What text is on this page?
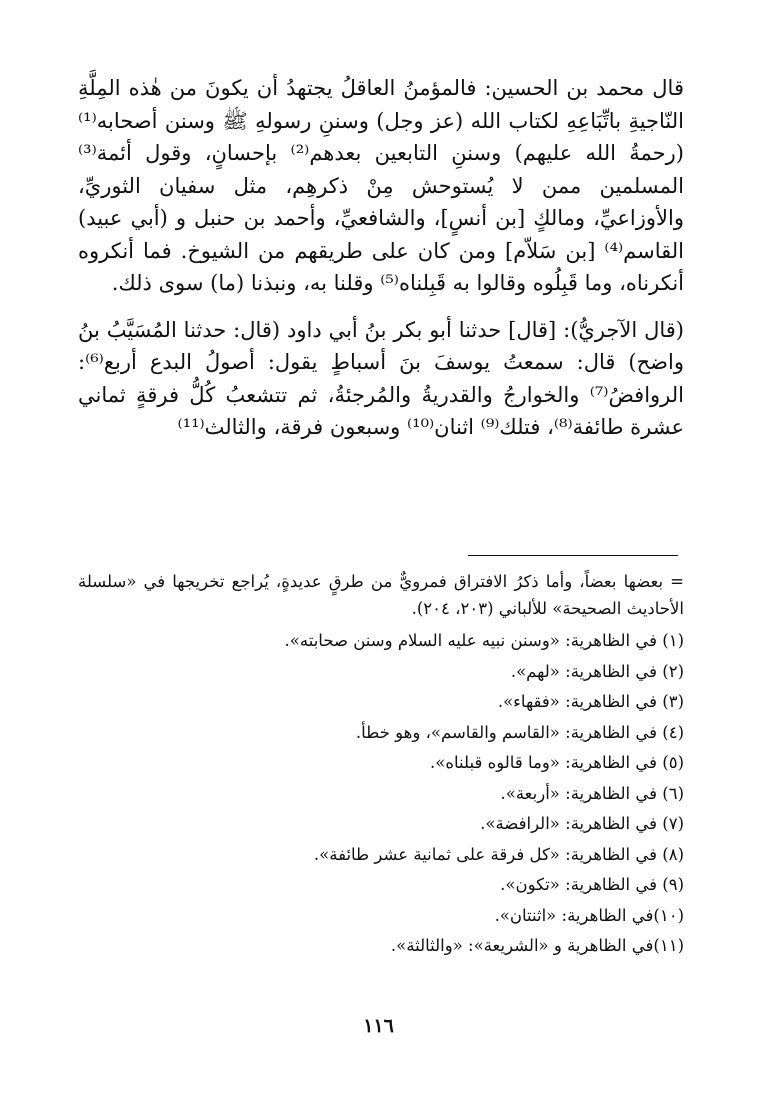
قال محمد بن الحسين: فالمؤمنُ العاقلُ يجتهدُ أن يكونَ من هٰذه المِلَّةِ النّاجيةِ باتِّبَاعِهِ لكتاب الله (عز وجل) وسننِ رسولهِ ﷺ وسنن أصحابه⁽¹⁾ (رحمةُ الله عليهم) وسننِ التابعين بعدهم⁽²⁾ بإحسانٍ، وقول أئمة⁽³⁾ المسلمين ممن لا يُستوحش مِنْ ذكرهِم، مثل سفيان الثوريِّ، والأوزاعيِّ، ومالكٍ [بن أنسٍ]، والشافعيِّ، وأحمد بن حنبل و (أبي عبيد) القاسم⁽⁴⁾ [بن سَلاّم] ومن كان على طريقهم من الشيوخ. فما أنكروه أنكرناه، وما قَبِلُوه وقالوا به قَبِلناه⁽⁵⁾ وقلنا به، ونبذنا (ما) سوى ذلك.

(قال الآجريُّ): [قال] حدثنا أبو بكر بنُ أبي داود (قال: حدثنا المُسَيَّبُ بنُ واضح) قال: سمعتُ يوسفَ بنَ أسباطٍ يقول: أصولُ البدع أربع⁽⁶⁾: الروافضُ⁽⁷⁾ والخوارجُ والقدريةُ والمُرجئةُ، ثم تتشعبُ كُلُّ فرقةٍ ثماني عشرة طائفة⁽⁸⁾، فتلك⁽⁹⁾ اثنان⁽¹⁰⁾ وسبعون فرقة، والثالث⁽¹¹⁾

= بعضها بعضاً، وأما ذكرُ الافتراق فمرويٌّ من طرقٍ عديدةٍ، يُراجع تخريجها في «سلسلة الأحاديث الصحيحة» للألباني (٢٠٣، ٢٠٤).

(١) في الظاهرية: «وسنن نبيه عليه السلام وسنن صحابته».

(٢) في الظاهرية: «لهم».

(٣) في الظاهرية: «فقهاء».

(٤) في الظاهرية: «القاسم والقاسم»، وهو خطأ.

(٥) في الظاهرية: «وما قالوه قبلناه».

(٦) في الظاهرية: «أربعة».

(٧) في الظاهرية: «الرافضة».

(٨) في الظاهرية: «كل فرقة على ثمانية عشر طائفة».

(٩) في الظاهرية: «تكون».

(١٠)في الظاهرية: «اثنتان».

(١١)في الظاهرية و «الشريعة»: «والثالثة».

١١٦
